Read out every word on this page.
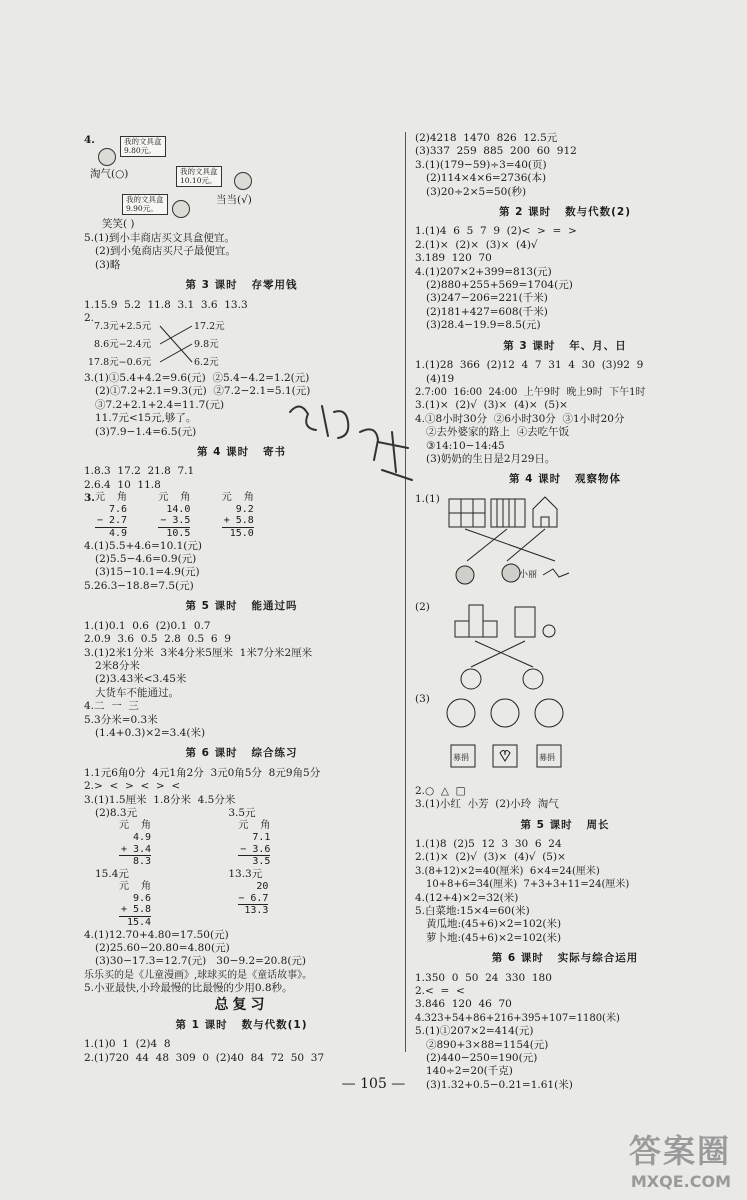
4.	我的文具盒
9.80元。
淘气(○)	我的文具盒
10.10元。
当当(√)
我的文具盒
9.90元。
笑笑( )
5.(1)到小丰商店买文具盒便宜。
(2)到小兔商店买尺子最便宜。
(3)略
第 3 课时   存零用钱
1.15.9  5.2  11.8  3.1  3.6  13.3
2.
7.3元+2.5元
8.6元−2.4元
17.8元−0.6元
17.2元
9.8元
6.2元
3.(1)①5.4+4.2=9.6(元)  ②5.4−4.2=1.2(元)
(2)①7.2+2.1=9.3(元)  ②7.2−2.1=5.1(元)
③7.2+2.1+2.4=11.7(元)
11.7元<15元,够了。
(3)7.9−1.4=6.5(元)
第 4 课时   寄书
1.8.3  17.2  21.8  7.1
2.6.4  10  11.8
3. 元  角
7.6
− 2.7
4.9

元  角
14.0
− 3.5
10.5

元  角
9.2
+ 5.8
15.0
4.(1)5.5+4.6=10.1(元)
(2)5.5−4.6=0.9(元)
(3)15−10.1=4.9(元)
5.26.3−18.8=7.5(元)
第 5 课时   能通过吗
1.(1)0.1  0.6  (2)0.1  0.7
2.0.9  3.6  0.5  2.8  0.5  6  9
3.(1)2米1分米  3米4分米5厘米  1米7分米2厘米
2米8分米
(2)3.43米<3.45米
大货车不能通过。
4.二  一  三
5.3分米=0.3米
(1.4+0.3)×2=3.4(米)
第 6 课时   综合练习
1.1元6角0分  4元1角2分  3元0角5分  8元9角5分
2.>  <  >  <  >  <
3.(1)1.5厘米  1.8分米  4.5分米
(2)8.3元
元  角
4.9
+ 3.4
8.3

3.5元
元  角
7.1
− 3.6
3.5
15.4元
元  角
9.6
+ 5.8
15.4

13.3元
20
− 6.7
13.3
4.(1)12.70+4.80=17.50(元)
(2)25.60−20.80=4.80(元)
(3)30−17.3=12.7(元)   30−9.2=20.8(元)
乐乐买的是《儿童漫画》,球球买的是《童话故事》。
5.小亚最快,小玲最慢的比最慢的少用0.8秒。
总复习
第 1 课时   数与代数(1)
1.(1)0  1  (2)4  8
2.(1)720  44  48  309  0  (2)40  84  72  50  37
(2)4218  1470  826  12.5元
(3)337  259  885  200  60  912
3.(1)(179−59)÷3=40(页)
(2)114×4×6=2736(本)
(3)20÷2×5=50(秒)
第 2 课时   数与代数(2)
1.(1)4  6  5  7  9  (2)<  >  =  >
2.(1)×  (2)×  (3)×  (4)√
3.189  120  70
4.(1)207×2+399=813(元)
(2)880+255+569=1704(元)
(3)247−206=221(千米)
(2)181+427=608(千米)
(3)28.4−19.9=8.5(元)
第 3 课时   年、月、日
1.(1)28  366  (2)12  4  7  31  4  30  (3)92  9
(4)19
2.7:00  16:00  24:00  上午9时  晚上9时  下午1时
3.(1)×  (2)√  (3)×  (4)×  (5)×
4.①8小时30分  ②6小时30分  ③1小时20分
②去外婆家的路上  ④去吃午饭
③14:10−14:45
(3)奶奶的生日是2月29日。
第 4 课时   观察物体
1.(1)
小丽
(2)
(3)
募捐	募捐
2.○  △  □
3.(1)小红  小芳  (2)小玲  淘气
第 5 课时   周长
1.(1)8  (2)5  12  3  30  6  24
2.(1)×  (2)√  (3)×  (4)√  (5)×
3.(8+12)×2=40(厘米)  6×4=24(厘米)
10+8+6=34(厘米)  7+3+3+11=24(厘米)
4.(12+4)×2=32(米)
5.白菜地:15×4=60(米)
黄瓜地:(45+6)×2=102(米)
萝卜地:(45+6)×2=102(米)
第 6 课时   实际与综合运用
1.350  0  50  24  330  180
2.<  =  <
3.846  120  46  70
4.323+54+86+216+395+107=1180(米)
5.(1)①207×2=414(元)
②890+3×88=1154(元)
(2)440−250=190(元)
140÷2=20(千克)
(3)1.32+0.5−0.21=1.61(米)
— 105 —
答案圈
MXQE.COM
